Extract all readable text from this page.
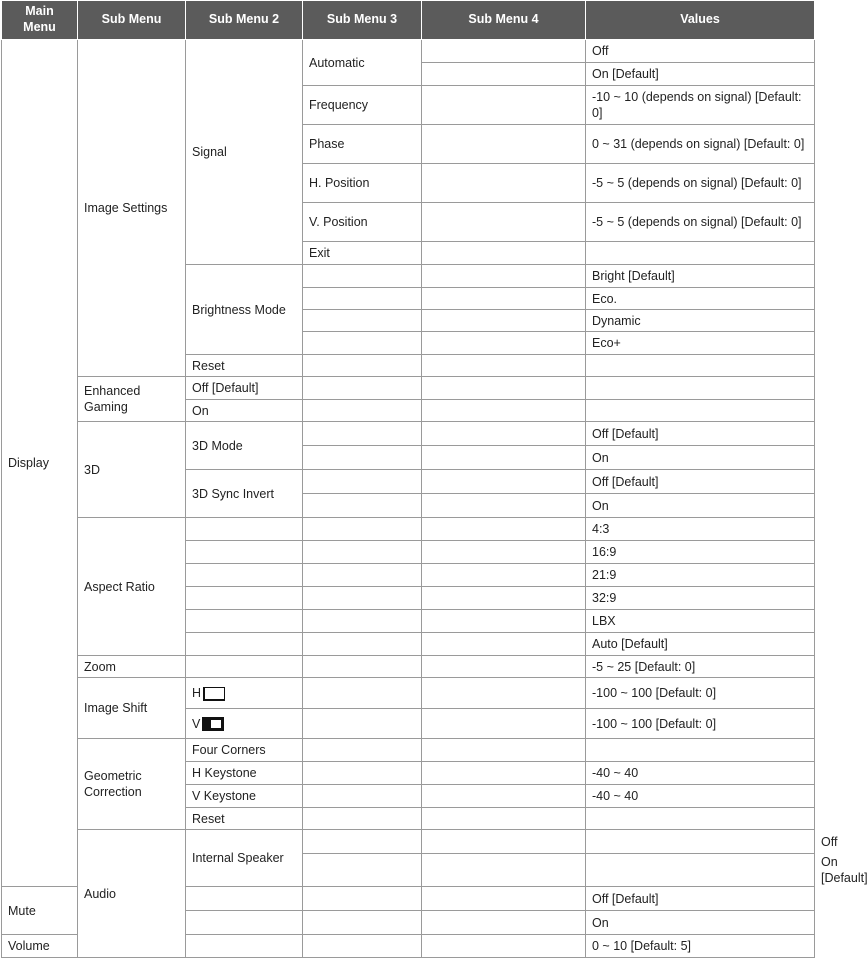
Main Menu	Sub Menu	Sub Menu 2	Sub Menu 3	Sub Menu 4	Values	
Display	Image Settings	Signal	Automatic		Off	
					On [Default]	
			Frequency		-10 ~ 10 (depends on signal) [Default: 0]	
			Phase		0 ~ 31 (depends on signal) [Default: 0]	
			H. Position		-5 ~ 5 (depends on signal) [Default: 0]	
			V. Position		-5 ~ 5 (depends on signal) [Default: 0]	
			Exit			
		Brightness Mode			Bright [Default]	
					Eco.	
					Dynamic	
					Eco+	
		Reset				
	Enhanced Gaming	Off [Default]				
		On				
	3D	3D Mode			Off [Default]	
					On	
		3D Sync Invert			Off [Default]	
					On	
	Aspect Ratio				4:3	
					16:9	
					21:9	
					32:9	
					LBX	
					Auto [Default]	
	Zoom				-5 ~ 25 [Default: 0]	
	Image Shift	H			-100 ~ 100 [Default: 0]	
		V			-100 ~ 100 [Default: 0]	
	Geometric Correction	Four Corners				
		H Keystone			-40 ~ 40	
		V Keystone			-40 ~ 40	
		Reset				
	Audio	Internal Speaker				Off
						On [Default]
Mute					Off [Default]	
					On	
Volume					0 ~ 10 [Default: 5]	
